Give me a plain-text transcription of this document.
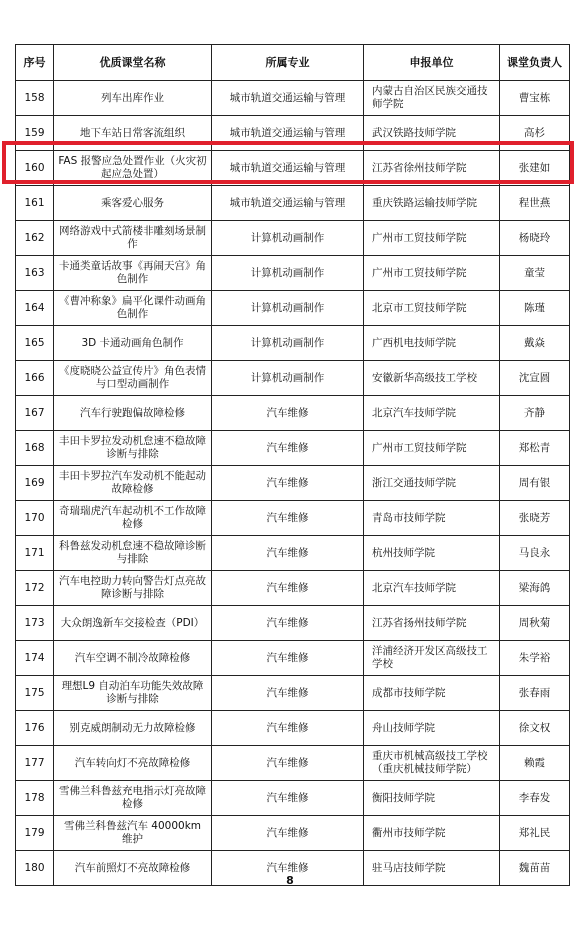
序号	优质课堂名称	所属专业	申报单位	课堂负责人
158	列车出库作业	城市轨道交通运输与管理	内蒙古自治区民族交通技师学院	曹宝栋
159	地下车站日常客流组织	城市轨道交通运输与管理	武汉铁路技师学院	高杉
160	FAS 报警应急处置作业（火灾初起应急处置）	城市轨道交通运输与管理	江苏省徐州技师学院	张建如
161	乘客爱心服务	城市轨道交通运输与管理	重庆铁路运输技师学院	程世燕
162	网络游戏中式箭楼非雕刻场景制作	计算机动画制作	广州市工贸技师学院	杨晓玲
163	卡通类童话故事《再闹天宫》角色制作	计算机动画制作	广州市工贸技师学院	童莹
164	《曹冲称象》扁平化课件动画角色制作	计算机动画制作	北京市工贸技师学院	陈瑾
165	3D 卡通动画角色制作	计算机动画制作	广西机电技师学院	戴焱
166	《度晓晓公益宣传片》角色表情与口型动画制作	计算机动画制作	安徽新华高级技工学校	沈宣圆
167	汽车行驶跑偏故障检修	汽车维修	北京汽车技师学院	齐静
168	丰田卡罗拉发动机怠速不稳故障诊断与排除	汽车维修	广州市工贸技师学院	郑松青
169	丰田卡罗拉汽车发动机不能起动故障检修	汽车维修	浙江交通技师学院	周有银
170	奇瑞瑞虎汽车起动机不工作故障检修	汽车维修	青岛市技师学院	张晓芳
171	科鲁兹发动机怠速不稳故障诊断与排除	汽车维修	杭州技师学院	马良永
172	汽车电控助力转向警告灯点亮故障诊断与排除	汽车维修	北京汽车技师学院	梁海鸽
173	大众朗逸新车交接检查（PDI）	汽车维修	江苏省扬州技师学院	周秋菊
174	汽车空调不制冷故障检修	汽车维修	洋浦经济开发区高级技工学校	朱学裕
175	理想L9 自动泊车功能失效故障诊断与排除	汽车维修	成都市技师学院	张春雨
176	别克威朗制动无力故障检修	汽车维修	舟山技师学院	徐文权
177	汽车转向灯不亮故障检修	汽车维修	重庆市机械高级技工学校（重庆机械技师学院）	赖霞
178	雪佛兰科鲁兹充电指示灯亮故障检修	汽车维修	衡阳技师学院	李春发
179	雪佛兰科鲁兹汽车 40000km 维护	汽车维修	衢州市技师学院	郑礼民
180	汽车前照灯不亮故障检修	汽车维修	驻马店技师学院	魏苗苗
8
